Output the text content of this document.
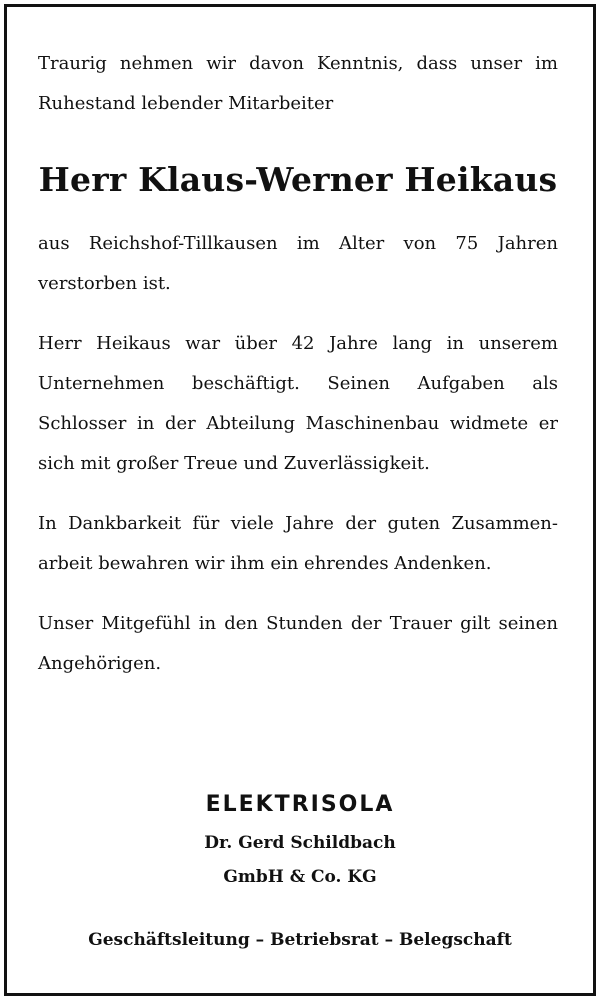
Traurig nehmen wir davon Kenntnis, dass unser im Ruhestand lebender Mitarbeiter

Herr Klaus-Werner Heikaus

aus Reichshof-Tillkausen im Alter von 75 Jahren verstorben ist.

Herr Heikaus war über 42 Jahre lang in unserem Unternehmen beschäftigt. Seinen Aufgaben als Schlosser in der Abteilung Maschinenbau widmete er sich mit großer Treue und Zuverlässigkeit.

In Dankbarkeit für viele Jahre der guten Zusammenarbeit bewahren wir ihm ein ehrendes Andenken.

Unser Mitgefühl in den Stunden der Trauer gilt seinen Angehörigen.

ELEKTRISOLA
Dr. Gerd Schildbach
GmbH & Co. KG
Geschäftsleitung – Betriebsrat – Belegschaft
